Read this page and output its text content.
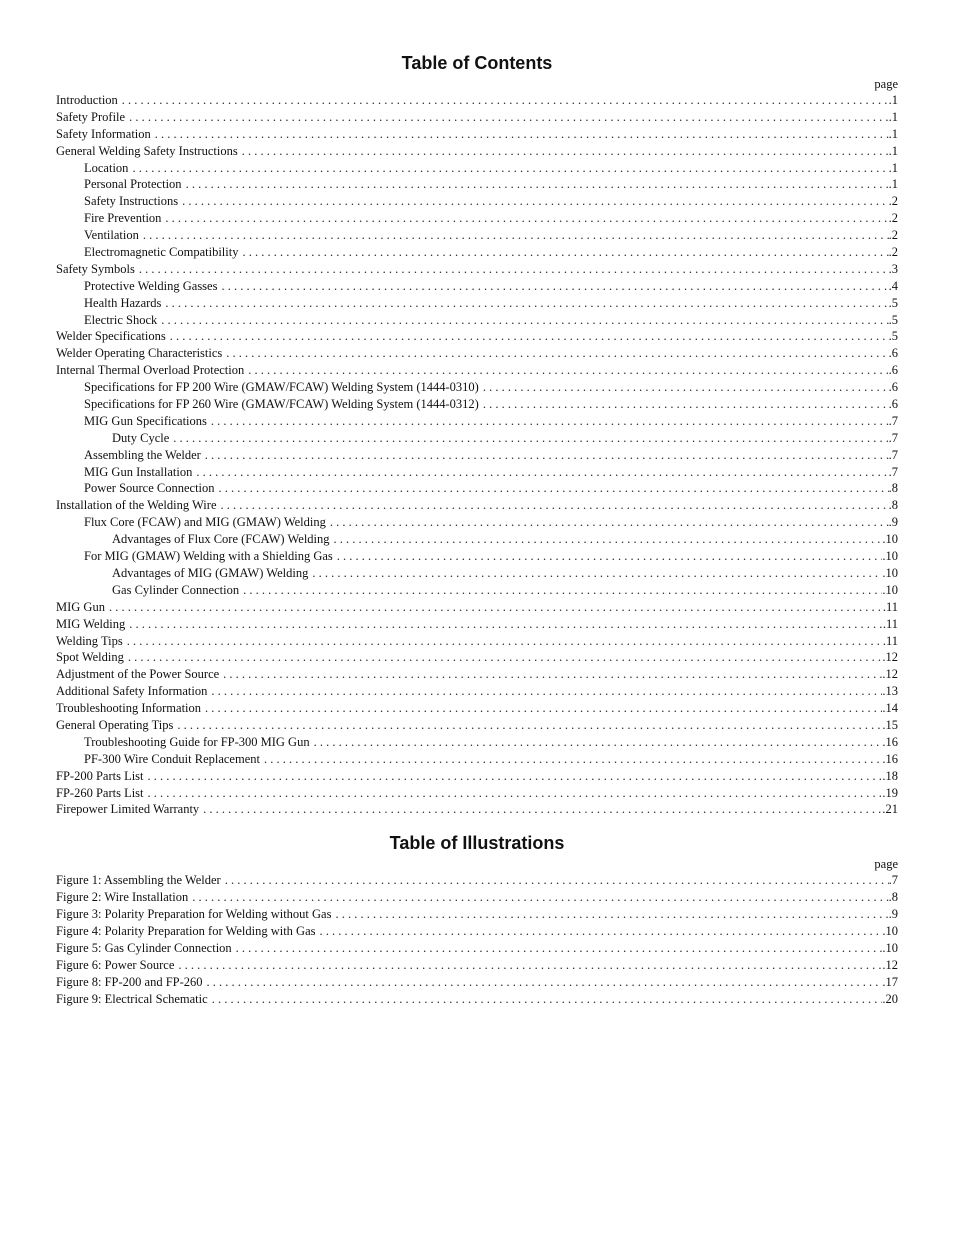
Table of Contents
page
Introduction . . .	.1
Safety Profile . . .	.1
Safety Information . . .	.1
General Welding Safety Instructions . . .	.1
Location . . .	.1
Personal Protection . . .	.1
Safety Instructions . . .	.2
Fire Prevention . . .	.2
Ventilation . . .	.2
Electromagnetic Compatibility . . .	.2
Safety Symbols . . .	.3
Protective Welding Gasses . . .	.4
Health Hazards . . .	.5
Electric Shock . . .	.5
Welder Specifications . . .	.5
Welder Operating Characteristics . . .	.6
Internal Thermal Overload Protection . . .	.6
Specifications for FP 200 Wire (GMAW/FCAW) Welding System (1444-0310) . . .	.6
Specifications for FP 260 Wire (GMAW/FCAW) Welding System (1444-0312) . . .	.6
MIG Gun Specifications . . .	.7
Duty Cycle . . .	.7
Assembling the Welder . . .	.7
MIG Gun Installation . . .	.7
Power Source Connection . . .	.8
Installation of the Welding Wire . . .	.8
Flux Core (FCAW) and MIG (GMAW) Welding . . .	.9
Advantages of Flux Core (FCAW) Welding . . .	.10
For MIG (GMAW) Welding with a Shielding Gas . . .	.10
Advantages of MIG (GMAW) Welding . . .	.10
Gas Cylinder Connection . . .	.10
MIG Gun . . .	.11
MIG Welding . . .	.11
Welding Tips . . .	.11
Spot Welding . . .	.12
Adjustment of the Power Source . . .	.12
Additional Safety Information . . .	.13
Troubleshooting Information . . .	.14
General Operating Tips . . .	.15
Troubleshooting Guide for FP-300 MIG Gun . . .	.16
PF-300 Wire Conduit Replacement . . .	.16
FP-200 Parts List . . .	.18
FP-260 Parts List . . .	.19
Firepower Limited Warranty . . .	.21
Table of Illustrations
page
Figure 1: Assembling the Welder . . .	.7
Figure 2: Wire Installation . . .	.8
Figure 3: Polarity Preparation for Welding without Gas . . .	.9
Figure 4: Polarity Preparation for Welding with Gas . . .	.10
Figure 5: Gas Cylinder Connection . . .	.10
Figure 6: Power Source . . .	.12
Figure 8: FP-200 and FP-260 . . .	.17
Figure 9: Electrical Schematic . . .	.20
